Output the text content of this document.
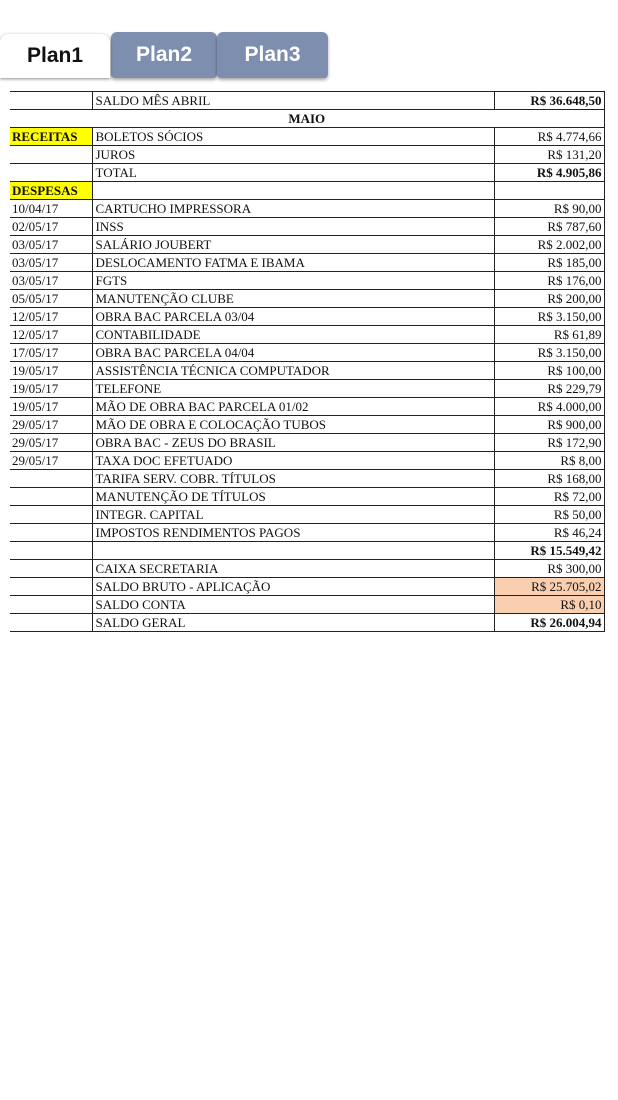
Plan1	Plan2	Plan3
	SALDO MÊS ABRIL	R$ 36.648,50
MAIO		
RECEITAS	BOLETOS SÓCIOS	R$ 4.774,66
	JUROS	R$ 131,20
	TOTAL	R$ 4.905,86
DESPESAS		
10/04/17	CARTUCHO IMPRESSORA	R$ 90,00
02/05/17	INSS	R$ 787,60
03/05/17	SALÁRIO JOUBERT	R$ 2.002,00
03/05/17	DESLOCAMENTO FATMA E IBAMA	R$ 185,00
03/05/17	FGTS	R$ 176,00
05/05/17	MANUTENÇÃO CLUBE	R$ 200,00
12/05/17	OBRA BAC PARCELA 03/04	R$ 3.150,00
12/05/17	CONTABILIDADE	R$ 61,89
17/05/17	OBRA BAC PARCELA 04/04	R$ 3.150,00
19/05/17	ASSISTÊNCIA TÉCNICA COMPUTADOR	R$ 100,00
19/05/17	TELEFONE	R$ 229,79
19/05/17	MÃO DE OBRA BAC PARCELA 01/02	R$ 4.000,00
29/05/17	MÃO DE OBRA E COLOCAÇÃO TUBOS	R$ 900,00
29/05/17	OBRA BAC - ZEUS DO BRASIL	R$ 172,90
29/05/17	TAXA DOC EFETUADO	R$ 8,00
	TARIFA SERV. COBR. TÍTULOS	R$ 168,00
	MANUTENÇÃO DE TÍTULOS	R$ 72,00
	INTEGR. CAPITAL	R$ 50,00
	IMPOSTOS RENDIMENTOS PAGOS	R$ 46,24
		R$ 15.549,42
	CAIXA SECRETARIA	R$ 300,00
	SALDO BRUTO - APLICAÇÃO	R$ 25.705,02
	SALDO CONTA	R$ 0,10
	SALDO GERAL	R$ 26.004,94
